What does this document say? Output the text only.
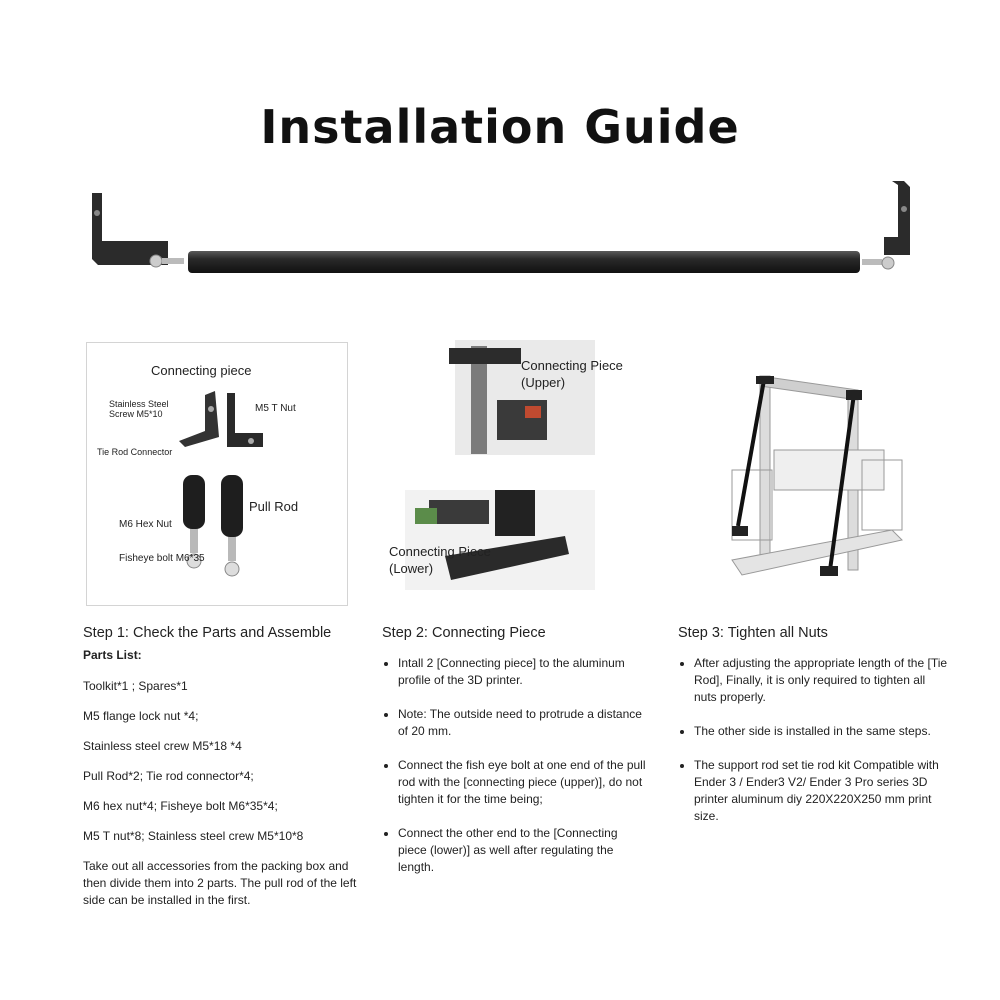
Installation Guide
Connecting piece
Stainless Steel
Screw M5*10	M5 T Nut
Tie Rod Connector
Pull Rod
M6 Hex Nut
Fisheye bolt M6*35
Connecting Piece
(Upper)
Connecting Piece
(Lower)
Step 1: Check the Parts and Assemble

Parts List:

Toolkit*1 ; Spares*1

M5 flange lock nut *4;

Stainless steel crew M5*18 *4

Pull Rod*2; Tie rod connector*4;

M6 hex nut*4; Fisheye bolt M6*35*4;

M5 T nut*8; Stainless steel crew M5*10*8

Take out all accessories from the packing box and then divide them into 2 parts. The pull rod of the left side can be installed in the first.

Step 2: Connecting Piece
• Intall 2 [Connecting piece] to the aluminum profile of the 3D printer.
• Note: The outside need to protrude a distance of 20 mm.
• Connect the fish eye bolt at one end of the pull rod with the [connecting piece (upper)], do not tighten it for the time being;
• Connect the other end to the [Connecting piece (lower)] as well after regulating the length.
Step 3: Tighten all Nuts
• After adjusting the appropriate length of the [Tie Rod], Finally, it is only required to tighten all nuts properly.
• The other side is installed in the same steps.
• The support rod set tie rod kit Compatible with Ender 3 / Ender3 V2/ Ender 3 Pro series 3D printer aluminum diy 220X220X250 mm print size.
